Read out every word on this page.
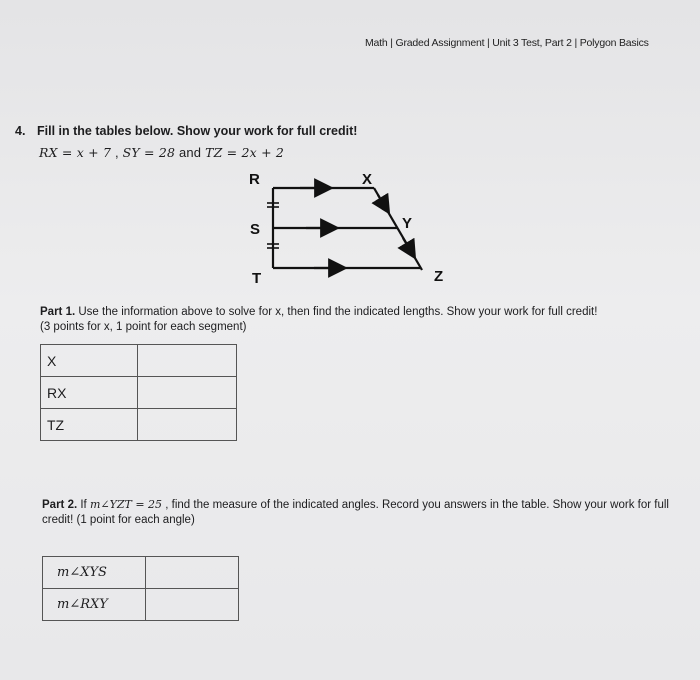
Math | Graded Assignment | Unit 3 Test, Part 2 | Polygon Basics
4. Fill in the tables below. Show your work for full credit!
RX = x + 7 , SY = 28 and TZ = 2x + 2
R	X
S	Y
T	Z
Part 1. Use the information above to solve for x, then find the indicated lengths. Show your work for full credit!
(3 points for x, 1 point for each segment)
X	
RX	
TZ	
Part 2. If m∠YZT = 25 , find the measure of the indicated angles. Record you answers in the table. Show your work for full credit! (1 point for each angle)
m∠XYS	
m∠RXY	
